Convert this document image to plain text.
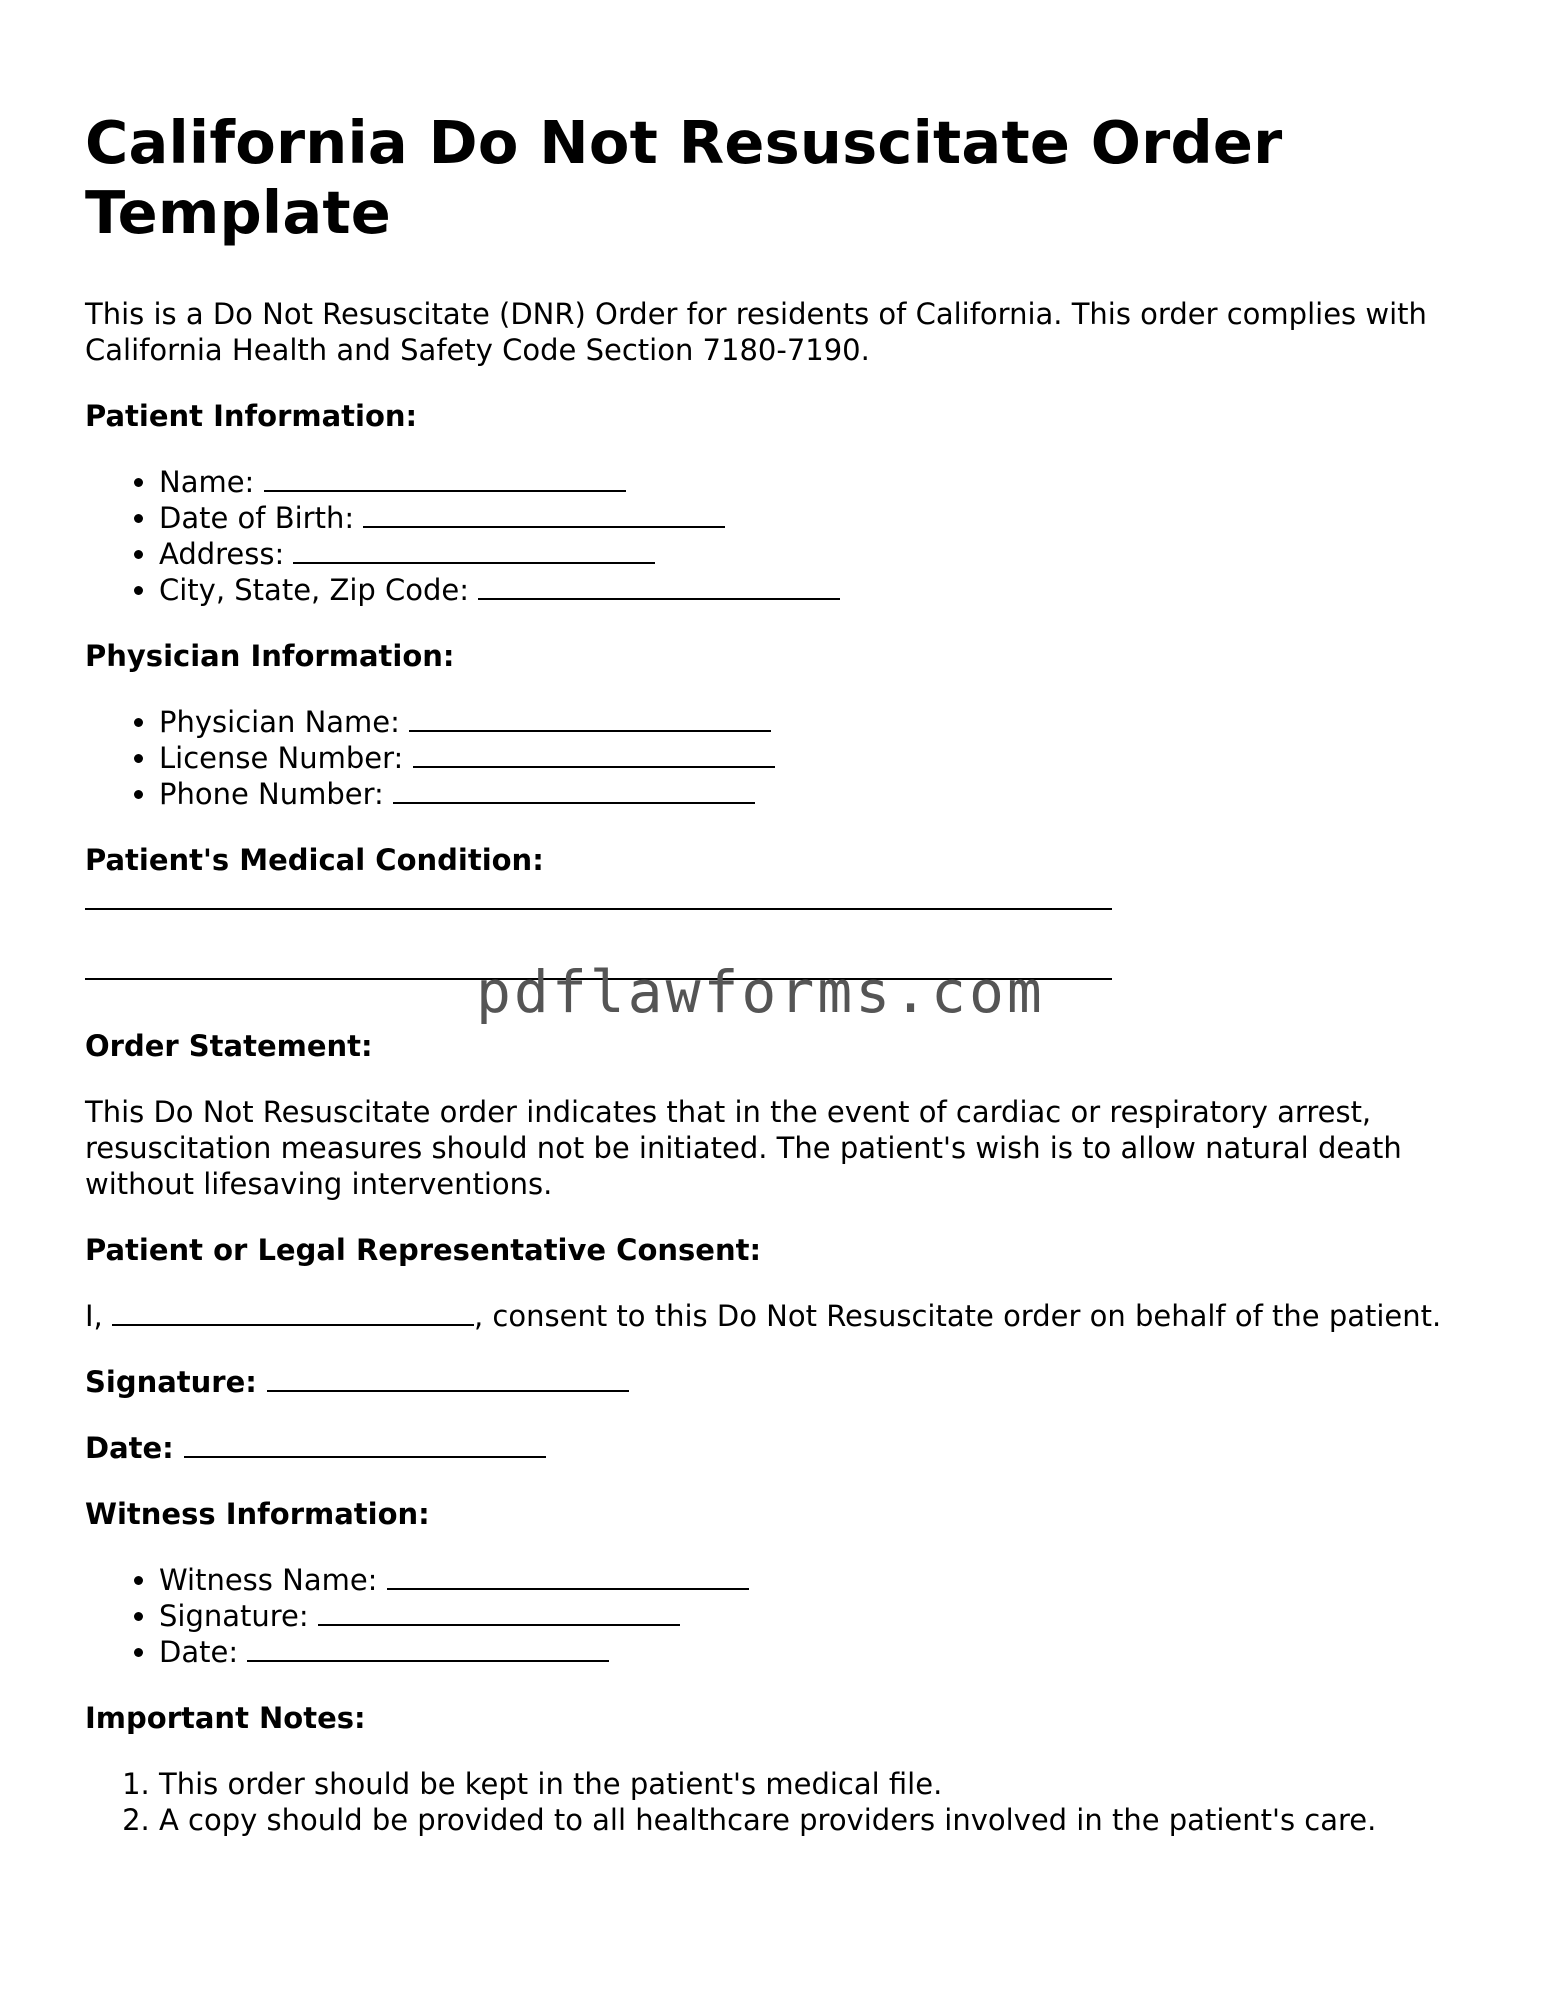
California Do Not Resuscitate Order Template

This is a Do Not Resuscitate (DNR) Order for residents of California. This order complies with California Health and Safety Code Section 7180-7190.

Patient Information:
• Name:
• Date of Birth:
• Address:
• City, State, Zip Code:
Physician Information:
• Physician Name:
• License Number:
• Phone Number:
Patient's Medical Condition:
Order Statement:

This Do Not Resuscitate order indicates that in the event of cardiac or respiratory arrest, resuscitation measures should not be initiated. The patient's wish is to allow natural death without lifesaving interventions.

Patient or Legal Representative Consent:

I,	, consent to this Do Not Resuscitate order on behalf of the patient.

Signature:
Date:
Witness Information:
• Witness Name:
• Signature:
• Date:
Important Notes:
1. This order should be kept in the patient's medical file.
2. A copy should be provided to all healthcare providers involved in the patient's care.
pdflawforms.com
